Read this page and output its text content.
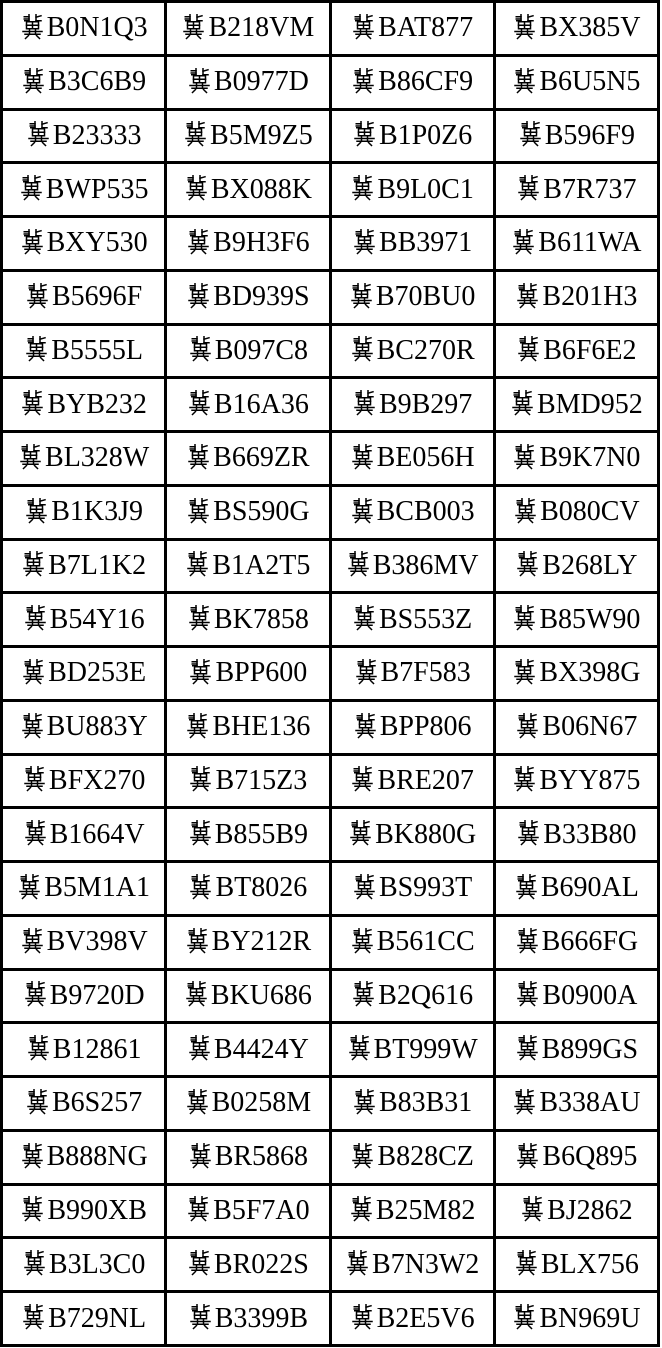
B0N1Q3	B218VM	BAT877	BX385V

B3C6B9	B0977D	B86CF9	B6U5N5

B23333	B5M9Z5	B1P0Z6	B596F9

BWP535	BX088K	B9L0C1	B7R737

BXY530	B9H3F6	BB3971	B611WA

B5696F	BD939S	B70BU0	B201H3

B5555L	B097C8	BC270R	B6F6E2

BYB232	B16A36	B9B297	BMD952

BL328W	B669ZR	BE056H	B9K7N0

B1K3J9	BS590G	BCB003	B080CV

B7L1K2	B1A2T5	B386MV	B268LY

B54Y16	BK7858	BS553Z	B85W90

BD253E	BPP600	B7F583	BX398G

BU883Y	BHE136	BPP806	B06N67

BFX270	B715Z3	BRE207	BYY875

B1664V	B855B9	BK880G	B33B80

B5M1A1	BT8026	BS993T	B690AL

BV398V	BY212R	B561CC	B666FG

B9720D	BKU686	B2Q616	B0900A

B12861	B4424Y	BT999W	B899GS

B6S257	B0258M	B83B31	B338AU

B888NG	BR5868	B828CZ	B6Q895

B990XB	B5F7A0	B25M82	BJ2862

B3L3C0	BR022S	B7N3W2	BLX756

B729NL	B3399B	B2E5V6	BN969U
